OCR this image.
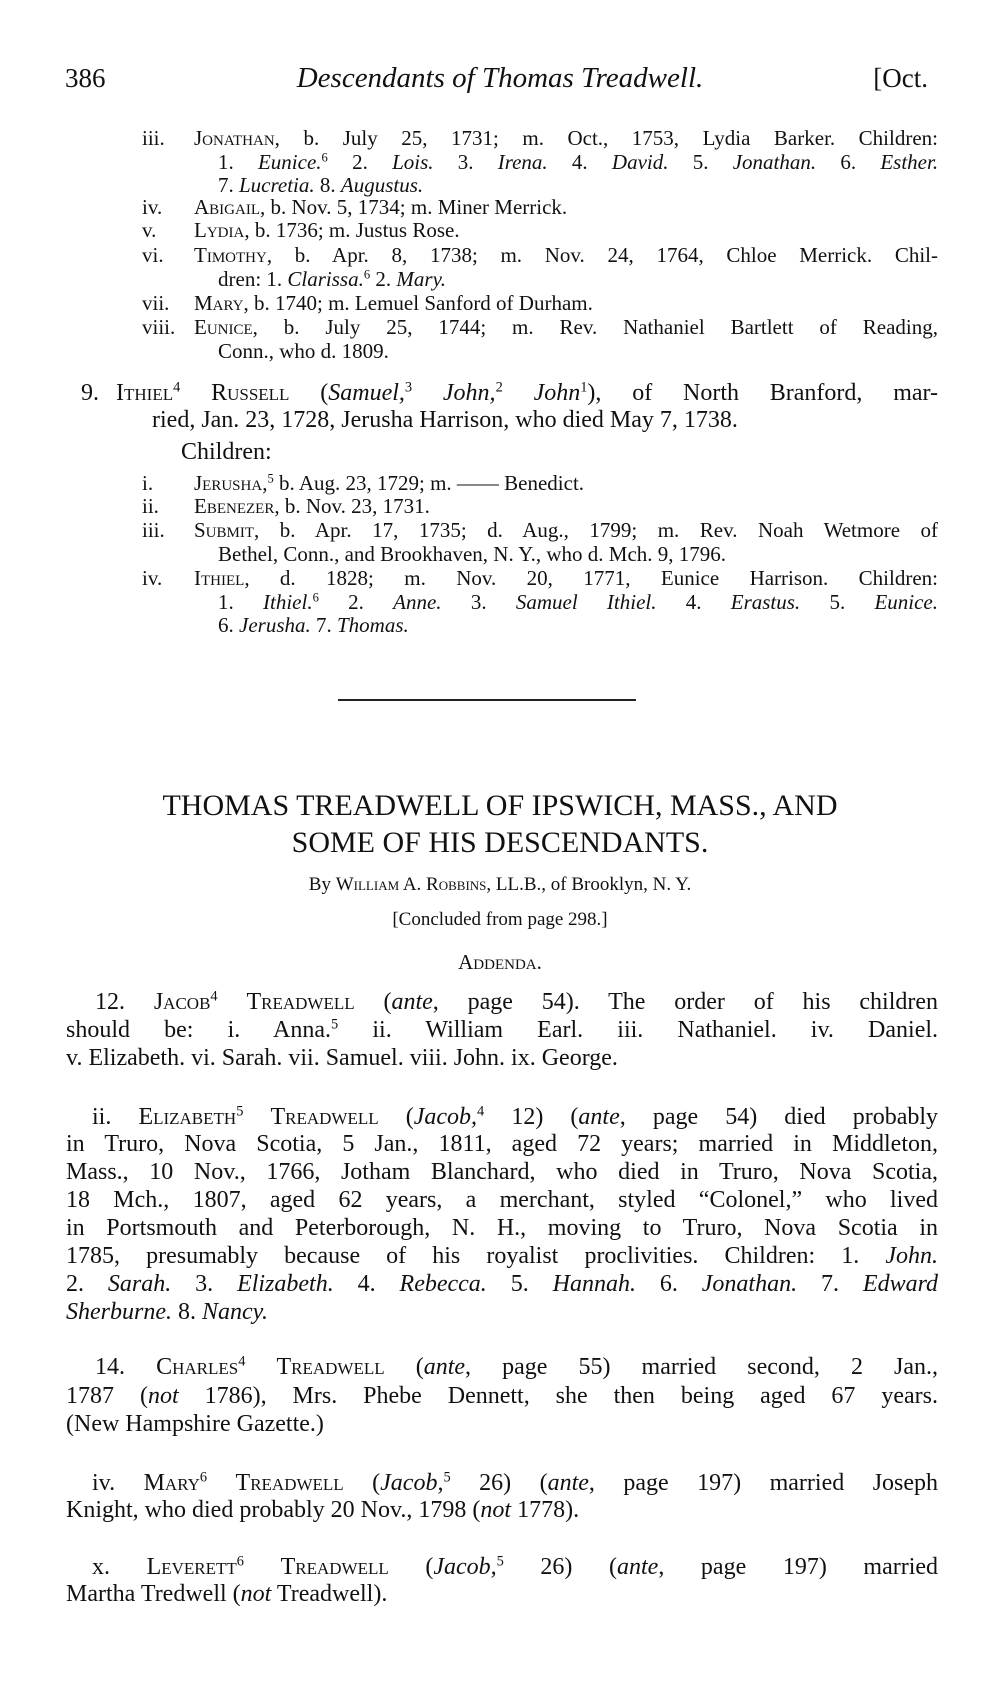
386	Descendants of Thomas Treadwell.	[Oct.
iii. Jonathan, b. July 25, 1731; m. Oct., 1753, Lydia Barker. Children:
1. Eunice.$^6$ 2. Lois. 3. Irena. 4. David. 5. Jonathan. 6. Esther.
7. Lucretia. 8. Augustus.
iv. Abigail, b. Nov. 5, 1734; m. Miner Merrick.
v. Lydia, b. 1736; m. Justus Rose.
vi. Timothy, b. Apr. 8, 1738; m. Nov. 24, 1764, Chloe Merrick. Chil-
dren: 1. Clarissa.$^6$ 2. Mary.
vii. Mary, b. 1740; m. Lemuel Sanford of Durham.
viii. Eunice, b. July 25, 1744; m. Rev. Nathaniel Bartlett of Reading,
Conn., who d. 1809.
9. Ithiel$^4$ Russell (Samuel,$^3$ John,$^2$ John$^1$), of North Branford, mar-
ried, Jan. 23, 1728, Jerusha Harrison, who died May 7, 1738.
Children:
i. Jerusha,$^5$ b. Aug. 23, 1729; m. —— Benedict.
ii. Ebenezer, b. Nov. 23, 1731.
iii. Submit, b. Apr. 17, 1735; d. Aug., 1799; m. Rev. Noah Wetmore of
Bethel, Conn., and Brookhaven, N. Y., who d. Mch. 9, 1796.
iv. Ithiel, d. 1828; m. Nov. 20, 1771, Eunice Harrison. Children:
1. Ithiel.$^6$ 2. Anne. 3. Samuel Ithiel. 4. Erastus. 5. Eunice.
6. Jerusha. 7. Thomas.
THOMAS TREADWELL OF IPSWICH, MASS., AND
SOME OF HIS DESCENDANTS.
By William A. Robbins, LL.B., of Brooklyn, N. Y.
[Concluded from page 298.]
Addenda.
12. Jacob$^4$ Treadwell (ante, page 54). The order of his children
should be: i. Anna.$^5$ ii. William Earl. iii. Nathaniel. iv. Daniel.
v. Elizabeth. vi. Sarah. vii. Samuel. viii. John. ix. George.
ii. Elizabeth$^5$ Treadwell (Jacob,$^4$ 12) (ante, page 54) died probably
in Truro, Nova Scotia, 5 Jan., 1811, aged 72 years; married in Middleton,
Mass., 10 Nov., 1766, Jotham Blanchard, who died in Truro, Nova Scotia,
18 Mch., 1807, aged 62 years, a merchant, styled “Colonel,” who lived
in Portsmouth and Peterborough, N. H., moving to Truro, Nova Scotia in
1785, presumably because of his royalist proclivities. Children: 1. John.
2. Sarah. 3. Elizabeth. 4. Rebecca. 5. Hannah. 6. Jonathan. 7. Edward
Sherburne. 8. Nancy.
14. Charles$^4$ Treadwell (ante, page 55) married second, 2 Jan.,
1787 (not 1786), Mrs. Phebe Dennett, she then being aged 67 years.
(New Hampshire Gazette.)
iv. Mary$^6$ Treadwell (Jacob,$^5$ 26) (ante, page 197) married Joseph
Knight, who died probably 20 Nov., 1798 (not 1778).
x. Leverett$^6$ Treadwell (Jacob,$^5$ 26) (ante, page 197) married
Martha Tredwell (not Treadwell).
